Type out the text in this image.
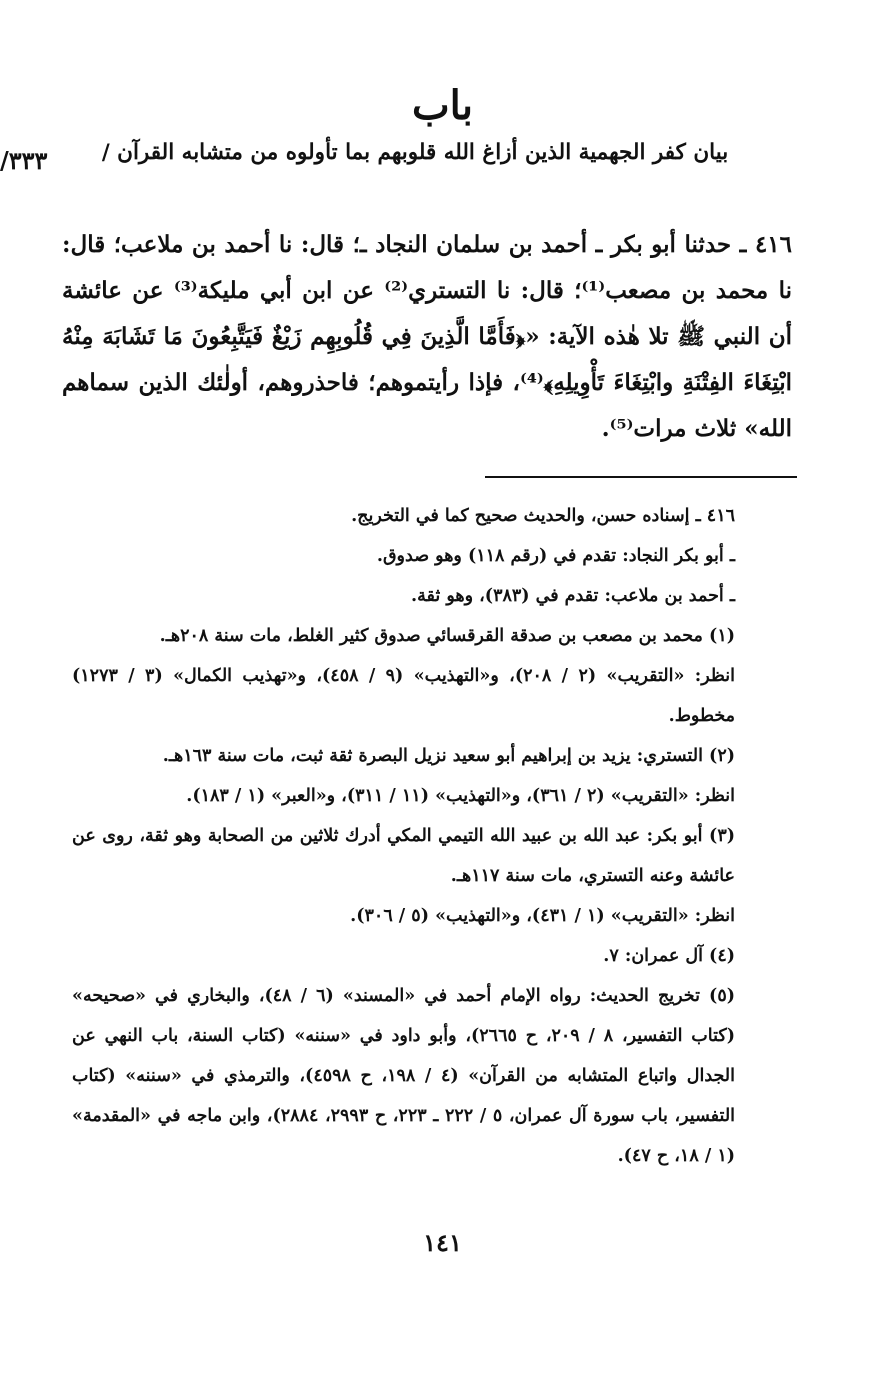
باب
/٣٣٣	بيان كفر الجهمية الذين أزاغ الله قلوبهم بما تأولوه من متشابه القرآن /

٤١٦ ـ حدثنا أبو بكر ـ أحمد بن سلمان النجاد ـ؛ قال: نا أحمد بن ملاعب؛ قال: نا محمد بن مصعب⁽¹⁾؛ قال: نا التستري⁽²⁾ عن ابن أبي مليكة⁽³⁾ عن عائشة أن النبي ﷺ تلا هٰذه الآية: «﴿فَأَمَّا الَّذِينَ فِي قُلُوبِهِم زَيْغٌ فَيَتَّبِعُونَ مَا تَشَابَهَ مِنْهُ ابْتِغَاءَ الفِتْنَةِ وابْتِغَاءَ تَأْوِيلِهِ﴾⁽⁴⁾، فإذا رأيتموهم؛ فاحذروهم، أولٰئك الذين سماهم الله» ثلاث مرات⁽⁵⁾.

٤١٦ ـ إسناده حسن، والحديث صحيح كما في التخريج.

ـ أبو بكر النجاد: تقدم في (رقم ١١٨) وهو صدوق.

ـ أحمد بن ملاعب: تقدم في (٣٨٣)، وهو ثقة.

(١) محمد بن مصعب بن صدقة القرقسائي صدوق كثير الغلط، مات سنة ٢٠٨هـ.

انظر: «التقريب» (٢ / ٢٠٨)، و«التهذيب» (٩ / ٤٥٨)، و«تهذيب الكمال» (٣ / ١٢٧٣) مخطوط.

(٢) التستري: يزيد بن إبراهيم أبو سعيد نزيل البصرة ثقة ثبت، مات سنة ١٦٣هـ.

انظر: «التقريب» (٢ / ٣٦١)، و«التهذيب» (١١ / ٣١١)، و«العبر» (١ / ١٨٣).

(٣) أبو بكر: عبد الله بن عبيد الله التيمي المكي أدرك ثلاثين من الصحابة وهو ثقة، روى عن عائشة وعنه التستري، مات سنة ١١٧هـ.

انظر: «التقريب» (١ / ٤٣١)، و«التهذيب» (٥ / ٣٠٦).

(٤) آل عمران: ٧.

(٥) تخريج الحديث: رواه الإمام أحمد في «المسند» (٦ / ٤٨)، والبخاري في «صحيحه» (كتاب التفسير، ٨ / ٢٠٩، ح ٢٦٦٥)، وأبو داود في «سننه» (كتاب السنة، باب النهي عن الجدال واتباع المتشابه من القرآن» (٤ / ١٩٨، ح ٤٥٩٨)، والترمذي في «سننه» (كتاب التفسير، باب سورة آل عمران، ٥ / ٢٢٢ ـ ٢٢٣، ح ٢٩٩٣، ٢٨٨٤)، وابن ماجه في «المقدمة» (١ / ١٨، ح ٤٧).

١٤١
